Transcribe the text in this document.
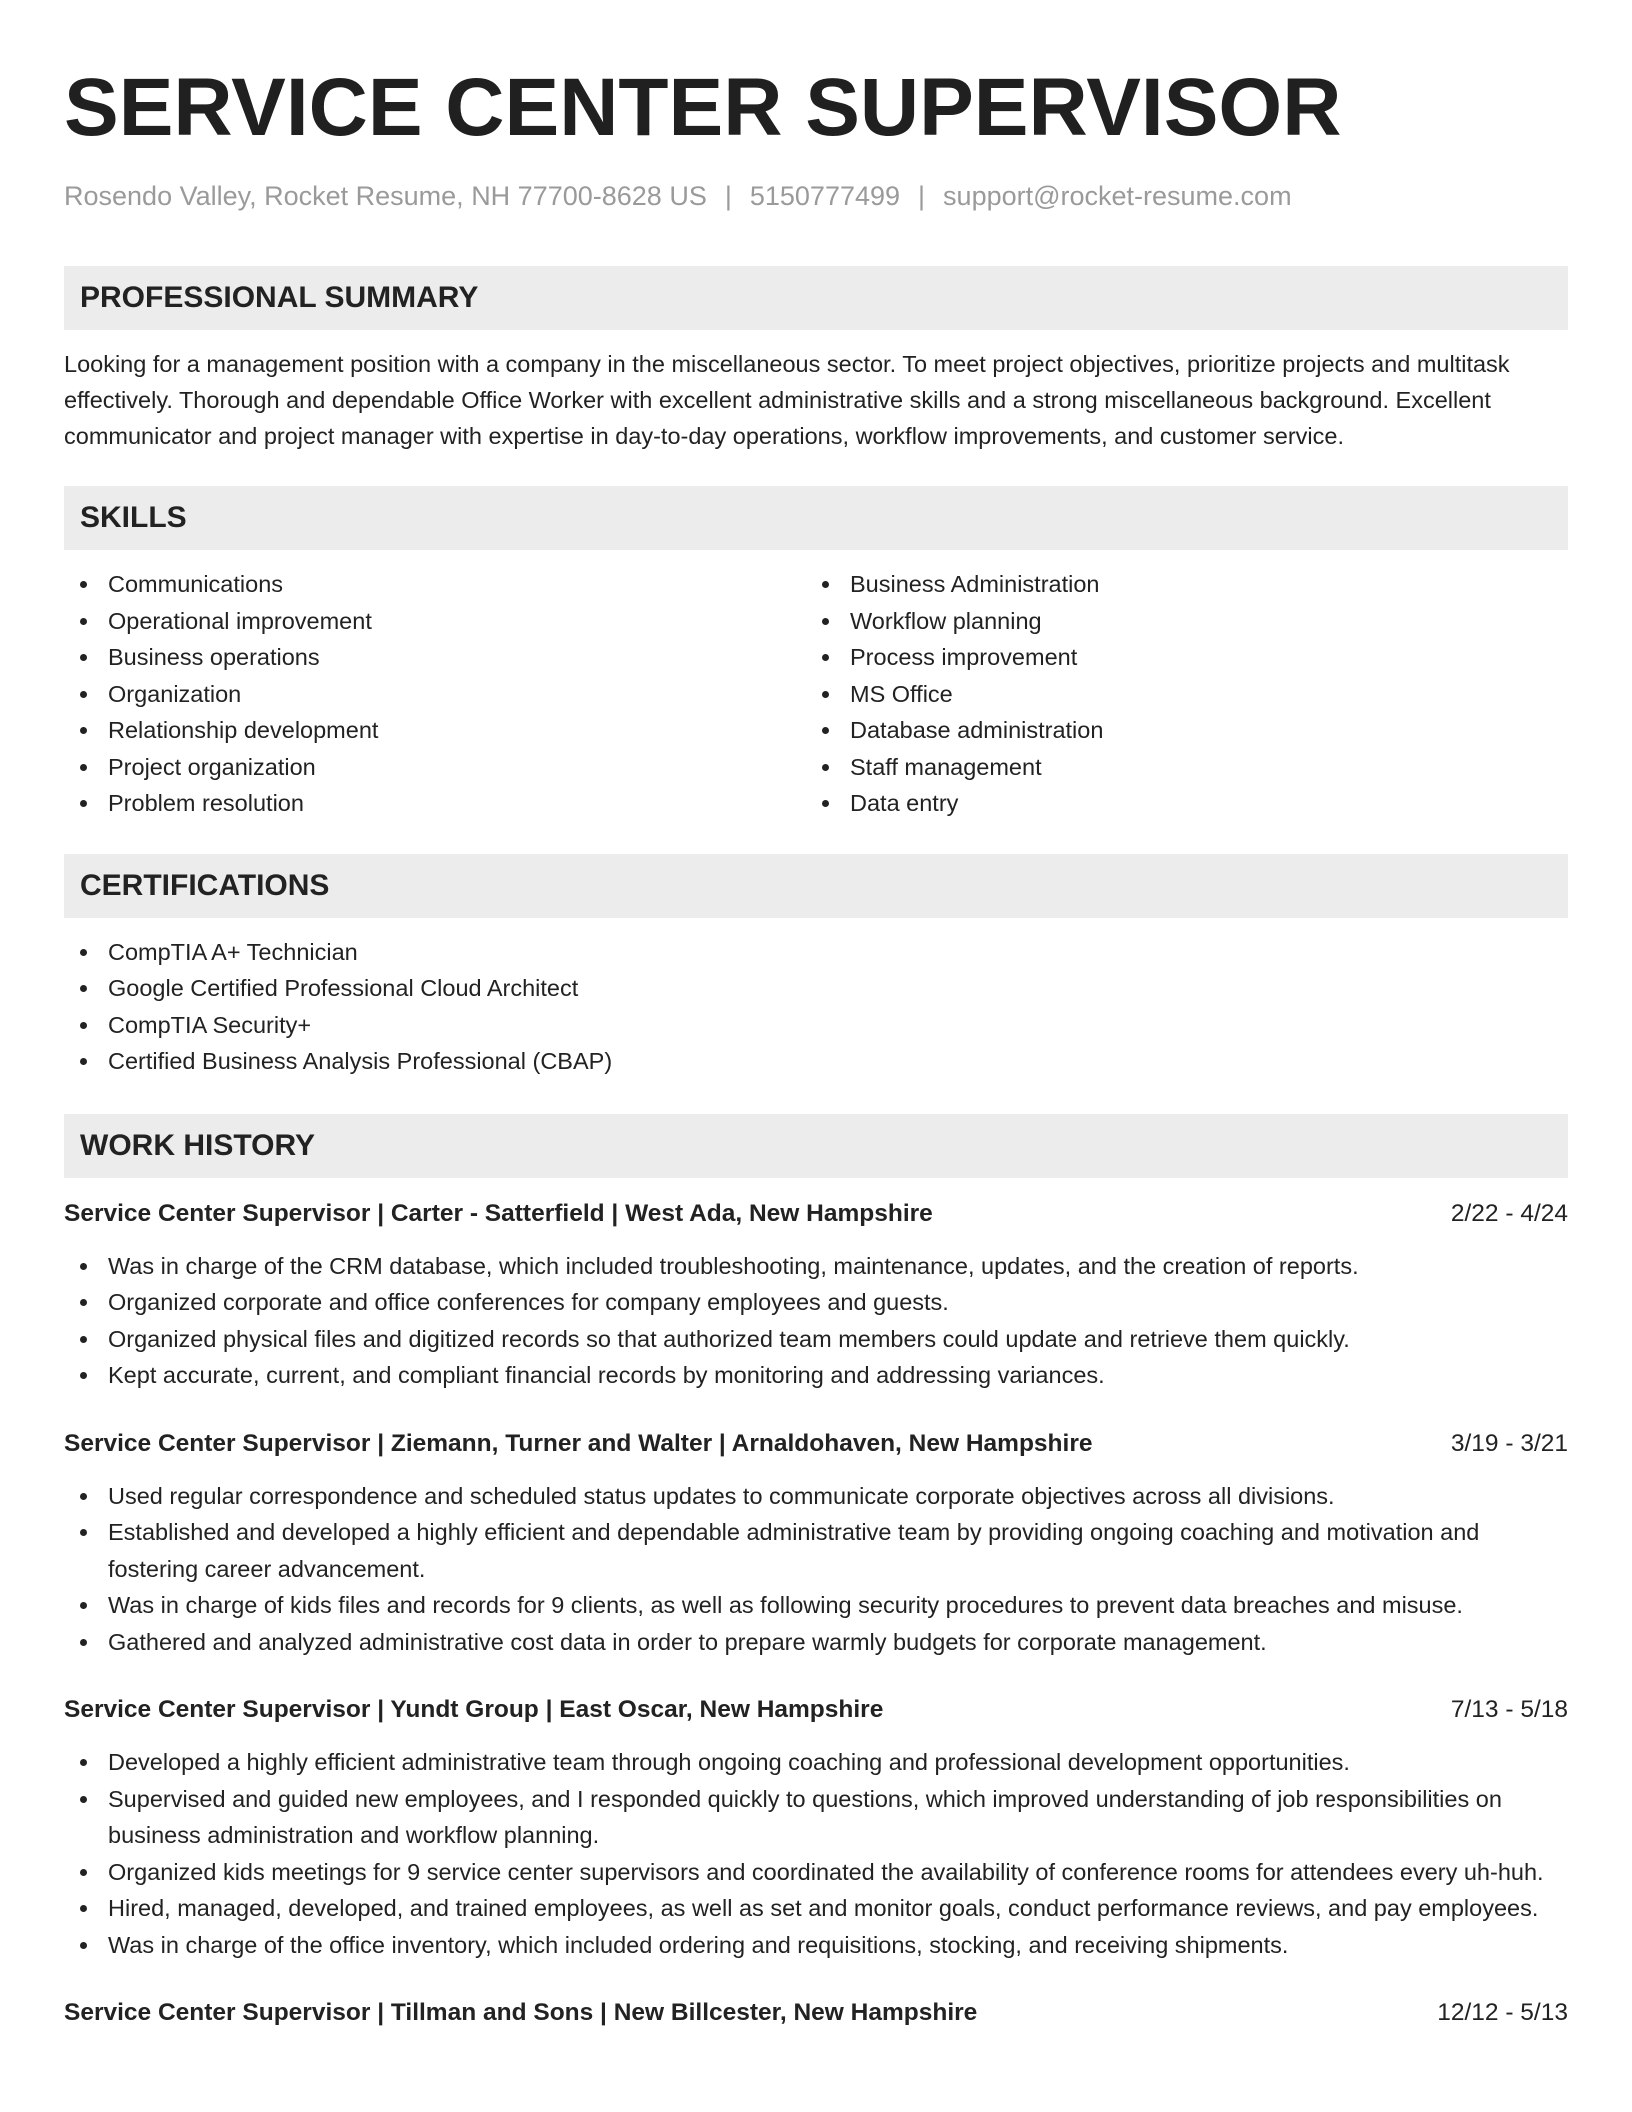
SERVICE CENTER SUPERVISOR
Rosendo Valley, Rocket Resume, NH 77700-8628 US | 5150777499 | support@rocket-resume.com
PROFESSIONAL SUMMARY

Looking for a management position with a company in the miscellaneous sector. To meet project objectives, prioritize projects and multitask effectively. Thorough and dependable Office Worker with excellent administrative skills and a strong miscellaneous background. Excellent communicator and project manager with expertise in day-to-day operations, workflow improvements, and customer service.

SKILLS
Communications
Operational improvement
Business operations
Organization
Relationship development
Project organization
Problem resolution
Business Administration
Workflow planning
Process improvement
MS Office
Database administration
Staff management
Data entry
CERTIFICATIONS
CompTIA A+ Technician
Google Certified Professional Cloud Architect
CompTIA Security+
Certified Business Analysis Professional (CBAP)
WORK HISTORY
Service Center Supervisor | Carter - Satterfield | West Ada, New Hampshire	2/22 - 4/24
Was in charge of the CRM database, which included troubleshooting, maintenance, updates, and the creation of reports.
Organized corporate and office conferences for company employees and guests.
Organized physical files and digitized records so that authorized team members could update and retrieve them quickly.
Kept accurate, current, and compliant financial records by monitoring and addressing variances.
Service Center Supervisor | Ziemann, Turner and Walter | Arnaldohaven, New Hampshire	3/19 - 3/21
Used regular correspondence and scheduled status updates to communicate corporate objectives across all divisions.
Established and developed a highly efficient and dependable administrative team by providing ongoing coaching and motivation and fostering career advancement.
Was in charge of kids files and records for 9 clients, as well as following security procedures to prevent data breaches and misuse.
Gathered and analyzed administrative cost data in order to prepare warmly budgets for corporate management.
Service Center Supervisor | Yundt Group | East Oscar, New Hampshire	7/13 - 5/18
Developed a highly efficient administrative team through ongoing coaching and professional development opportunities.
Supervised and guided new employees, and I responded quickly to questions, which improved understanding of job responsibilities on business administration and workflow planning.
Organized kids meetings for 9 service center supervisors and coordinated the availability of conference rooms for attendees every uh-huh.
Hired, managed, developed, and trained employees, as well as set and monitor goals, conduct performance reviews, and pay employees.
Was in charge of the office inventory, which included ordering and requisitions, stocking, and receiving shipments.
Service Center Supervisor | Tillman and Sons | New Billcester, New Hampshire	12/12 - 5/13
